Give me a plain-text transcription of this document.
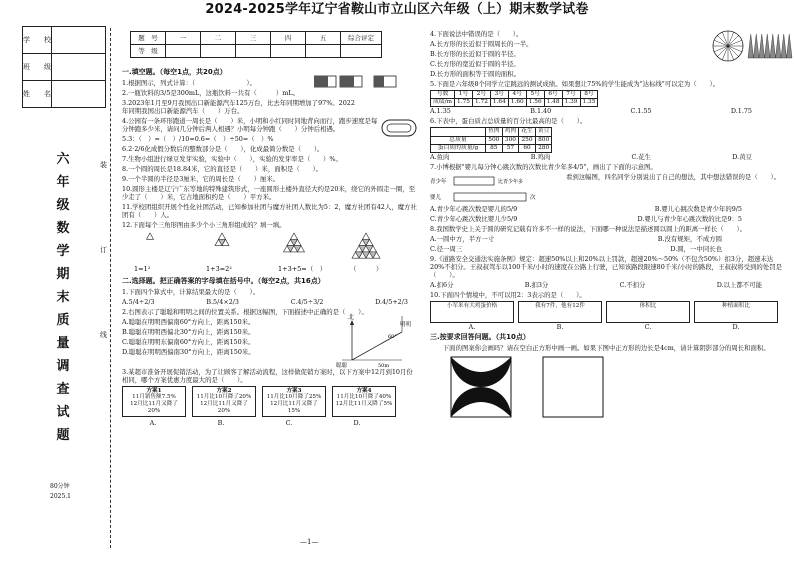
2024-2025学年辽宁省鞍山市立山区六年级（上）期末数学试卷
学　　校	
班　　级	
姓　　名	
六
年
级
数
学
期
末
质
量
调
查
试
题
80分钟
2025.1
装
订
线
题　号	一	二	三	四	五	综合评定
等　级						
一.填空题。（每空1点，共20点）
1.根据图示，列式计算：（　　　　　　　　）。
2.一瓶饮料的3/5是300mL，这瓶饮料一共有（　　　）mL。
3.2023年1月至9月我国出口新能源汽车125万台，比去年同期增加了97%。2022年同期我国出口新能源汽车（　　）万台。
4.公园有一条环形跑道一周长是（　　）米，小明和小红同时同地背向而行，跑步速度是每分钟跑多少米，请问几分钟后两人相遇？小明每分钟跑（　　）分钟后相遇。
5.3：（　）=（　）/10=0.6=（　）÷50=（　）%
6.2·2/6化成假分数后的整数部分是（　　），化成最简分数是（　　）。
7.生物小组进行绿豆发芽实验，实验中（　　），实验的发芽率是（　　）%。
8.一个圆的周长是18.84米，它的直径是（　　）米，面积是（　　）。
9.一个半圆的半径是3厘米，它的周长是（　　）厘米。
10.圆形主楼是辽宁广东等地的特殊建筑形式，一座圆形土楼外直径大约是20米，绕它的外圆走一圈，至少走了（　　）米，它占地面积约是（　　）平方米。
11.学校团组织开展个性化社团活动，已知参加社团与魔方社团人数比为5：2，魔方社团有42人，魔方社团有（　　）人。
12.下面每个三角形图由多少个小三角形组成的？填一填。
1=1²	1+3=2²	1+3+5=（　）	（　　　）
二.选择题。把正确答案的字母填在括号中。（每空2点，共16点）
1.下面四个算式中，计算结果最大的是（　　）。
A.5/4÷2/3	B.5/4×2/3	C.4/5÷3/2	D.4/5+2/3
2.右图表示了聪聪和明明之间的位置关系。根据这幅图，下面描述中正确的是（　　）。
A.聪聪在明明西偏南60°方向上，距离150米。
B.聪聪在明明西偏北30°方向上，距离150米。
C.聪聪在明明东偏南60°方向上，距离150米。
D.聪聪在明明西偏南30°方向上，距离150米。
北
明明
60°
50m
聪聪
3.某超市准备开展促销活动，为了让顾客了解活动流程，这样做促销方案时，以下方案中12月到10月份相同，哪个方案优惠力度最大的是（　　）。
方案1
11月销售额7.5%
12月比11月又降了20%
方案2
11月比10月降了20%
12月比11月又降了20%
方案3
11月比10月降了25%
12月比11月又降了15%
方案4
11月比10月降了40%
12月比11月又降了5%
A.	B.	C.	D.
4.下面说法中错误的是（　　）。
A.长方形的长近似于圆周长的一半。
B.长方形的长近似于圆的半径。
C.长方形的宽近似于圆的半径。
D.长方形的面积等于圆的面积。
5.下面是六年级8个同学立定跳远的测试成绩。如果想让75%的学生能成为"达标线"可以定为（　　）。
号数	1号	2号	3号	4号	5号	6号	7号	8号
成绩/m	1.75	1.72	1.64	1.60	1.56	1.48	1.39	1.35
A.1.35	B.1.40	C.1.55	D.1.75
6.下表中，蛋白质占总质量的百分比最高的是（　　）。
	鱼肉	鸡肉	花生	黄豆
总质量	500	300	250	800
蛋白质的质量/g	85	57	60	280
A.鱼肉	B.鸡肉	C.花生	D.黄豆
7.小博根据"婴儿每分钟心跳次数的次数比青少年多4/5"，画出了下面的示意图。
青少年
婴儿
比青少年多
次
看到这幅图，四名同学分别说出了自己的想法，其中想法错误的是（　　）。
A.青少年心跳次数是婴儿的5/9	B.婴儿心跳次数是青少年的9/5
C.青少年心跳次数比婴儿少5/9	D.婴儿与青少年心跳次数的比是9：5
8.我国数学史上关于圆的研究记载有许多不一样的说法，下面哪一种说法是描述圆以圆上的距离一样长（　　）。
A.一圆中方，半方一寸	B.没有规矩，不成方圆
C.径一周三	D.圆，一中同长也
9.《道路安全交通法实施条例》规定：超速50%以上和20%以上罚款，超速20%～50%（不包含50%）扣3分，超速未达20%不扣分。王叔叔驾车以100千米/小时的速度在公路上行驶，已知该路段限速80千米/小时的路段，王叔叔将受到的处罚是（　　）。
A.扣6分	B.扣3分	C.不扣分	D.以上都不可能
10.下面四个情境中，不可以用2：3表示的是（　　）。
小军米有大鸡蛋价格	我有7件，他有12件	体积比	种植面积比
A.	B.	C.	D.
三.按要求回答问题。（共10点）
下面的图案你会画吗？请在空白正方形中画一画。如果下图中正方形的边长是4cm，请计算阴影部分的周长和面积。
—1—
